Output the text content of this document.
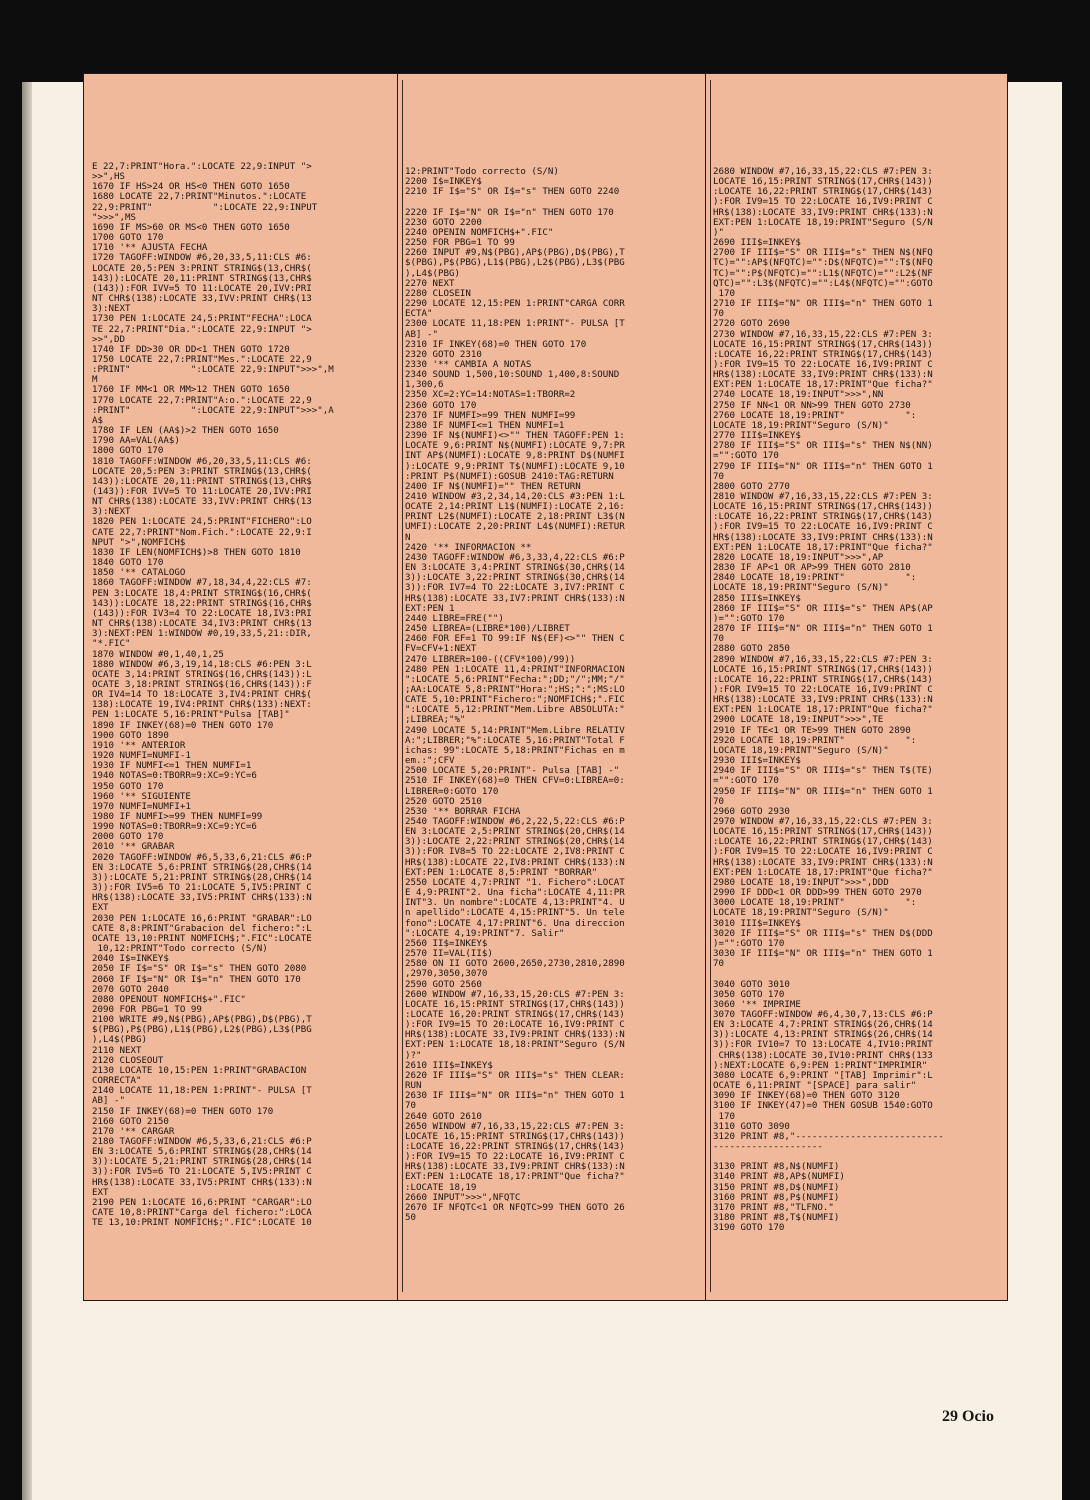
E 22,7:PRINT"Hora.":LOCATE 22,9:INPUT ">
>>",HS
1670 IF HS>24 OR HS<0 THEN GOTO 1650
1680 LOCATE 22,7:PRINT"Minutos.":LOCATE
22,9:PRINT"           ":LOCATE 22,9:INPUT
">>>",MS
1690 IF MS>60 OR MS<0 THEN GOTO 1650
1700 GOTO 170
1710 '** AJUSTA FECHA
1720 TAGOFF:WINDOW #6,20,33,5,11:CLS #6:
LOCATE 20,5:PEN 3:PRINT STRING$(13,CHR$(
143)):LOCATE 20,11:PRINT STRING$(13,CHR$
(143)):FOR IVV=5 TO 11:LOCATE 20,IVV:PRI
NT CHR$(138):LOCATE 33,IVV:PRINT CHR$(13
3):NEXT
1730 PEN 1:LOCATE 24,5:PRINT"FECHA":LOCA
TE 22,7:PRINT"Dia.":LOCATE 22,9:INPUT ">
>>",DD
1740 IF DD>30 OR DD<1 THEN GOTO 1720
1750 LOCATE 22,7:PRINT"Mes.":LOCATE 22,9
:PRINT"           ":LOCATE 22,9:INPUT">>>",M
M
1760 IF MM<1 OR MM>12 THEN GOTO 1650
1770 LOCATE 22,7:PRINT"A:o.":LOCATE 22,9
:PRINT"           ":LOCATE 22,9:INPUT">>>",A
A$
1780 IF LEN (AA$)>2 THEN GOTO 1650
1790 AA=VAL(AA$)
1800 GOTO 170
1810 TAGOFF:WINDOW #6,20,33,5,11:CLS #6:
LOCATE 20,5:PEN 3:PRINT STRING$(13,CHR$(
143)):LOCATE 20,11:PRINT STRING$(13,CHR$
(143)):FOR IVV=5 TO 11:LOCATE 20,IVV:PRI
NT CHR$(138):LOCATE 33,IVV:PRINT CHR$(13
3):NEXT
1820 PEN 1:LOCATE 24,5:PRINT"FICHERO":LO
CATE 22,7:PRINT"Nom.Fich.":LOCATE 22,9:I
NPUT ">",NOMFICH$
1830 IF LEN(NOMFICH$)>8 THEN GOTO 1810
1840 GOTO 170
1850 '** CATALOGO
1860 TAGOFF:WINDOW #7,18,34,4,22:CLS #7:
PEN 3:LOCATE 18,4:PRINT STRING$(16,CHR$(
143)):LOCATE 18,22:PRINT STRING$(16,CHR$
(143)):FOR IV3=4 TO 22:LOCATE 18,IV3:PRI
NT CHR$(138):LOCATE 34,IV3:PRINT CHR$(13
3):NEXT:PEN 1:WINDOW #0,19,33,5,21::DIR,
"*.FIC"
1870 WINDOW #0,1,40,1,25
1880 WINDOW #6,3,19,14,18:CLS #6:PEN 3:L
OCATE 3,14:PRINT STRING$(16,CHR$(143)):L
OCATE 3,18:PRINT STRING$(16,CHR$(143)):F
OR IV4=14 TO 18:LOCATE 3,IV4:PRINT CHR$(
138):LOCATE 19,IV4:PRINT CHR$(133):NEXT:
PEN 1:LOCATE 5,16:PRINT"Pulsa [TAB]"
1890 IF INKEY(68)=0 THEN GOTO 170
1900 GOTO 1890
1910 '** ANTERIOR
1920 NUMFI=NUMFI-1
1930 IF NUMFI<=1 THEN NUMFI=1
1940 NOTAS=0:TBORR=9:XC=9:YC=6
1950 GOTO 170
1960 '** SIGUIENTE
1970 NUMFI=NUMFI+1
1980 IF NUMFI>=99 THEN NUMFI=99
1990 NOTAS=0:TBORR=9:XC=9:YC=6
2000 GOTO 170
2010 '** GRABAR
2020 TAGOFF:WINDOW #6,5,33,6,21:CLS #6:P
EN 3:LOCATE 5,6:PRINT STRING$(28,CHR$(14
3)):LOCATE 5,21:PRINT STRING$(28,CHR$(14
3)):FOR IV5=6 TO 21:LOCATE 5,IV5:PRINT C
HR$(138):LOCATE 33,IV5:PRINT CHR$(133):N
EXT
2030 PEN 1:LOCATE 16,6:PRINT "GRABAR":LO
CATE 8,8:PRINT"Grabacion del fichero:":L
OCATE 13,10:PRINT NOMFICH$;".FIC":LOCATE
10,12:PRINT"Todo correcto (S/N)
2040 I$=INKEY$
2050 IF I$="S" OR I$="s" THEN GOTO 2080
2060 IF I$="N" OR I$="n" THEN GOTO 170
2070 GOTO 2040
2080 OPENOUT NOMFICH$+".FIC"
2090 FOR PBG=1 TO 99
2100 WRITE #9,N$(PBG),AP$(PBG),D$(PBG),T
$(PBG),P$(PBG),L1$(PBG),L2$(PBG),L3$(PBG
),L4$(PBG)
2110 NEXT
2120 CLOSEOUT
2130 LOCATE 10,15:PEN 1:PRINT"GRABACION
CORRECTA"
2140 LOCATE 11,18:PEN 1:PRINT"- PULSA [T
AB] -"
2150 IF INKEY(68)=0 THEN GOTO 170
2160 GOTO 2150
2170 '** CARGAR
2180 TAGOFF:WINDOW #6,5,33,6,21:CLS #6:P
EN 3:LOCATE 5,6:PRINT STRING$(28,CHR$(14
3)):LOCATE 5,21:PRINT STRING$(28,CHR$(14
3)):FOR IV5=6 TO 21:LOCATE 5,IV5:PRINT C
HR$(138):LOCATE 33,IV5:PRINT CHR$(133):N
EXT
2190 PEN 1:LOCATE 16,6:PRINT "CARGAR":LO
CATE 10,8:PRINT"Carga del fichero:":LOCA
TE 13,10:PRINT NOMFICH$;".FIC":LOCATE 10
12:PRINT"Todo correcto (S/N)
2200 I$=INKEY$
2210 IF I$="S" OR I$="s" THEN GOTO 2240

2220 IF I$="N" OR I$="n" THEN GOTO 170
2230 GOTO 2200
2240 OPENIN NOMFICH$+".FIC"
2250 FOR PBG=1 TO 99
2260 INPUT #9,N$(PBG),AP$(PBG),D$(PBG),T
$(PBG),P$(PBG),L1$(PBG),L2$(PBG),L3$(PBG
),L4$(PBG)
2270 NEXT
2280 CLOSEIN
2290 LOCATE 12,15:PEN 1:PRINT"CARGA CORR
ECTA"
2300 LOCATE 11,18:PEN 1:PRINT"- PULSA [T
AB] -"
2310 IF INKEY(68)=0 THEN GOTO 170
2320 GOTO 2310
2330 '** CAMBIA A NOTAS
2340 SOUND 1,500,10:SOUND 1,400,8:SOUND
1,300,6
2350 XC=2:YC=14:NOTAS=1:TBORR=2
2360 GOTO 170
2370 IF NUMFI>=99 THEN NUMFI=99
2380 IF NUMFI<=1 THEN NUMFI=1
2390 IF N$(NUMFI)<>"" THEN TAGOFF:PEN 1:
LOCATE 9,6:PRINT N$(NUMFI):LOCATE 9,7:PR
INT AP$(NUMFI):LOCATE 9,8:PRINT D$(NUMFI
):LOCATE 9,9:PRINT T$(NUMFI):LOCATE 9,10
:PRINT P$(NUMFI):GOSUB 2410:TAG:RETURN
2400 IF N$(NUMFI)="" THEN RETURN
2410 WINDOW #3,2,34,14,20:CLS #3:PEN 1:L
OCATE 2,14:PRINT L1$(NUMFI):LOCATE 2,16:
PRINT L2$(NUMFI):LOCATE 2,18:PRINT L3$(N
UMFI):LOCATE 2,20:PRINT L4$(NUMFI):RETUR
N
2420 '** INFORMACION **
2430 TAGOFF:WINDOW #6,3,33,4,22:CLS #6:P
EN 3:LOCATE 3,4:PRINT STRING$(30,CHR$(14
3)):LOCATE 3,22:PRINT STRING$(30,CHR$(14
3)):FOR IV7=4 TO 22:LOCATE 3,IV7:PRINT C
HR$(138):LOCATE 33,IV7:PRINT CHR$(133):N
EXT:PEN 1
2440 LIBRE=FRE("")
2450 LIBREA=(LIBRE*100)/LIBRET
2460 FOR EF=1 TO 99:IF N$(EF)<>"" THEN C
FV=CFV+1:NEXT
2470 LIBRER=100-((CFV*100)/99))
2480 PEN 1:LOCATE 11,4:PRINT"INFORMACION
":LOCATE 5,6:PRINT"Fecha:";DD;"/";MM;"/"
;AA:LOCATE 5,8:PRINT"Hora:";HS;":";MS:LO
CATE 5,10:PRINT"Fichero:";NOMFICH$;".FIC
":LOCATE 5,12:PRINT"Mem.Libre ABSOLUTA:"
;LIBREA;"%"
2490 LOCATE 5,14:PRINT"Mem.Libre RELATIV
A:";LIBRER;"%":LOCATE 5,16:PRINT"Total F
ichas: 99":LOCATE 5,18:PRINT"Fichas en m
em.:";CFV
2500 LOCATE 5,20:PRINT"- Pulsa [TAB] -"
2510 IF INKEY(68)=0 THEN CFV=0:LIBREA=0:
LIBRER=0:GOTO 170
2520 GOTO 2510
2530 '** BORRAR FICHA
2540 TAGOFF:WINDOW #6,2,22,5,22:CLS #6:P
EN 3:LOCATE 2,5:PRINT STRING$(20,CHR$(14
3)):LOCATE 2,22:PRINT STRING$(20,CHR$(14
3)):FOR IV8=5 TO 22:LOCATE 2,IV8:PRINT C
HR$(138):LOCATE 22,IV8:PRINT CHR$(133):N
EXT:PEN 1:LOCATE 8,5:PRINT "BORRAR"
2550 LOCATE 4,7:PRINT "1. Fichero":LOCAT
E 4,9:PRINT"2. Una ficha":LOCATE 4,11:PR
INT"3. Un nombre":LOCATE 4,13:PRINT"4. U
n apellido":LOCATE 4,15:PRINT"5. Un tele
fono":LOCATE 4,17:PRINT"6. Una direccion
":LOCATE 4,19:PRINT"7. Salir"
2560 II$=INKEY$
2570 II=VAL(II$)
2580 ON II GOTO 2600,2650,2730,2810,2890
,2970,3050,3070
2590 GOTO 2560
2600 WINDOW #7,16,33,15,20:CLS #7:PEN 3:
LOCATE 16,15:PRINT STRING$(17,CHR$(143))
:LOCATE 16,20:PRINT STRING$(17,CHR$(143)
):FOR IV9=15 TO 20:LOCATE 16,IV9:PRINT C
HR$(138):LOCATE 33,IV9:PRINT CHR$(133):N
EXT:PEN 1:LOCATE 18,18:PRINT"Seguro (S/N
)?"
2610 III$=INKEY$
2620 IF III$="S" OR III$="s" THEN CLEAR:
RUN
2630 IF III$="N" OR III$="n" THEN GOTO 1
70
2640 GOTO 2610
2650 WINDOW #7,16,33,15,22:CLS #7:PEN 3:
LOCATE 16,15:PRINT STRING$(17,CHR$(143))
:LOCATE 16,22:PRINT STRING$(17,CHR$(143)
):FOR IV9=15 TO 22:LOCATE 16,IV9:PRINT C
HR$(138):LOCATE 33,IV9:PRINT CHR$(133):N
EXT:PEN 1:LOCATE 18,17:PRINT"Que ficha?"
:LOCATE 18,19
2660 INPUT">>>",NFQTC
2670 IF NFQTC<1 OR NFQTC>99 THEN GOTO 26
50
2680 WINDOW #7,16,33,15,22:CLS #7:PEN 3:
LOCATE 16,15:PRINT STRING$(17,CHR$(143))
:LOCATE 16,22:PRINT STRING$(17,CHR$(143)
):FOR IV9=15 TO 22:LOCATE 16,IV9:PRINT C
HR$(138):LOCATE 33,IV9:PRINT CHR$(133):N
EXT:PEN 1:LOCATE 18,19:PRINT"Seguro (S/N
)"
2690 III$=INKEY$
2700 IF III$="S" OR III$="s" THEN N$(NFQ
TC)="":AP$(NFQTC)="":D$(NFQTC)="":T$(NFQ
TC)="":P$(NFQTC)="":L1$(NFQTC)="":L2$(NF
QTC)="":L3$(NFQTC)="":L4$(NFQTC)="":GOTO
170
2710 IF III$="N" OR III$="n" THEN GOTO 1
70
2720 GOTO 2690
2730 WINDOW #7,16,33,15,22:CLS #7:PEN 3:
LOCATE 16,15:PRINT STRING$(17,CHR$(143))
:LOCATE 16,22:PRINT STRING$(17,CHR$(143)
):FOR IV9=15 TO 22:LOCATE 16,IV9:PRINT C
HR$(138):LOCATE 33,IV9:PRINT CHR$(133):N
EXT:PEN 1:LOCATE 18,17:PRINT"Que ficha?"
2740 LOCATE 18,19:INPUT">>>",NN
2750 IF NN<1 OR NN>99 THEN GOTO 2730
2760 LOCATE 18,19:PRINT"           ":
LOCATE 18,19:PRINT"Seguro (S/N)"
2770 III$=INKEY$
2780 IF III$="S" OR III$="s" THEN N$(NN)
="":GOTO 170
2790 IF III$="N" OR III$="n" THEN GOTO 1
70
2800 GOTO 2770
2810 WINDOW #7,16,33,15,22:CLS #7:PEN 3:
LOCATE 16,15:PRINT STRING$(17,CHR$(143))
:LOCATE 16,22:PRINT STRING$(17,CHR$(143)
):FOR IV9=15 TO 22:LOCATE 16,IV9:PRINT C
HR$(138):LOCATE 33,IV9:PRINT CHR$(133):N
EXT:PEN 1:LOCATE 18,17:PRINT"Que ficha?"
2820 LOCATE 18,19:INPUT">>>",AP
2830 IF AP<1 OR AP>99 THEN GOTO 2810
2840 LOCATE 18,19:PRINT"           ":
LOCATE 18,19:PRINT"Seguro (S/N)"
2850 III$=INKEY$
2860 IF III$="S" OR III$="s" THEN AP$(AP
)="":GOTO 170
2870 IF III$="N" OR III$="n" THEN GOTO 1
70
2880 GOTO 2850
2890 WINDOW #7,16,33,15,22:CLS #7:PEN 3:
LOCATE 16,15:PRINT STRING$(17,CHR$(143))
:LOCATE 16,22:PRINT STRING$(17,CHR$(143)
):FOR IV9=15 TO 22:LOCATE 16,IV9:PRINT C
HR$(138):LOCATE 33,IV9:PRINT CHR$(133):N
EXT:PEN 1:LOCATE 18,17:PRINT"Que ficha?"
2900 LOCATE 18,19:INPUT">>>",TE
2910 IF TE<1 OR TE>99 THEN GOTO 2890
2920 LOCATE 18,19:PRINT"           ":
LOCATE 18,19:PRINT"Seguro (S/N)"
2930 III$=INKEY$
2940 IF III$="S" OR III$="s" THEN T$(TE)
="":GOTO 170
2950 IF III$="N" OR III$="n" THEN GOTO 1
70
2960 GOTO 2930
2970 WINDOW #7,16,33,15,22:CLS #7:PEN 3:
LOCATE 16,15:PRINT STRING$(17,CHR$(143))
:LOCATE 16,22:PRINT STRING$(17,CHR$(143)
):FOR IV9=15 TO 22:LOCATE 16,IV9:PRINT C
HR$(138):LOCATE 33,IV9:PRINT CHR$(133):N
EXT:PEN 1:LOCATE 18,17:PRINT"Que ficha?"
2980 LOCATE 18,19:INPUT">>>",DDD
2990 IF DDD<1 OR DDD>99 THEN GOTO 2970
3000 LOCATE 18,19:PRINT"           ":
LOCATE 18,19:PRINT"Seguro (S/N)"
3010 III$=INKEY$
3020 IF III$="S" OR III$="s" THEN D$(DDD
)="":GOTO 170
3030 IF III$="N" OR III$="n" THEN GOTO 1
70

3040 GOTO 3010
3050 GOTO 170
3060 '** IMPRIME
3070 TAGOFF:WINDOW #6,4,30,7,13:CLS #6:P
EN 3:LOCATE 4,7:PRINT STRING$(26,CHR$(14
3)):LOCATE 4,13:PRINT STRING$(26,CHR$(14
3)):FOR IV10=7 TO 13:LOCATE 4,IV10:PRINT
CHR$(138):LOCATE 30,IV10:PRINT CHR$(133
):NEXT:LOCATE 6,9:PEN 1:PRINT"IMPRIMIR"
3080 LOCATE 6,9:PRINT "[TAB] Imprimir":L
OCATE 6,11:PRINT "[SPACE] para salir"
3090 IF INKEY(68)=0 THEN GOTO 3120
3100 IF INKEY(47)=0 THEN GOSUB 1540:GOTO
170
3110 GOTO 3090
3120 PRINT #8,"---------------------------
--------------------

3130 PRINT #8,N$(NUMFI)
3140 PRINT #8,AP$(NUMFI)
3150 PRINT #8,D$(NUMFI)
3160 PRINT #8,P$(NUMFI)
3170 PRINT #8,"TLFNO."
3180 PRINT #8,T$(NUMFI)
3190 GOTO 170
29 Ocio
